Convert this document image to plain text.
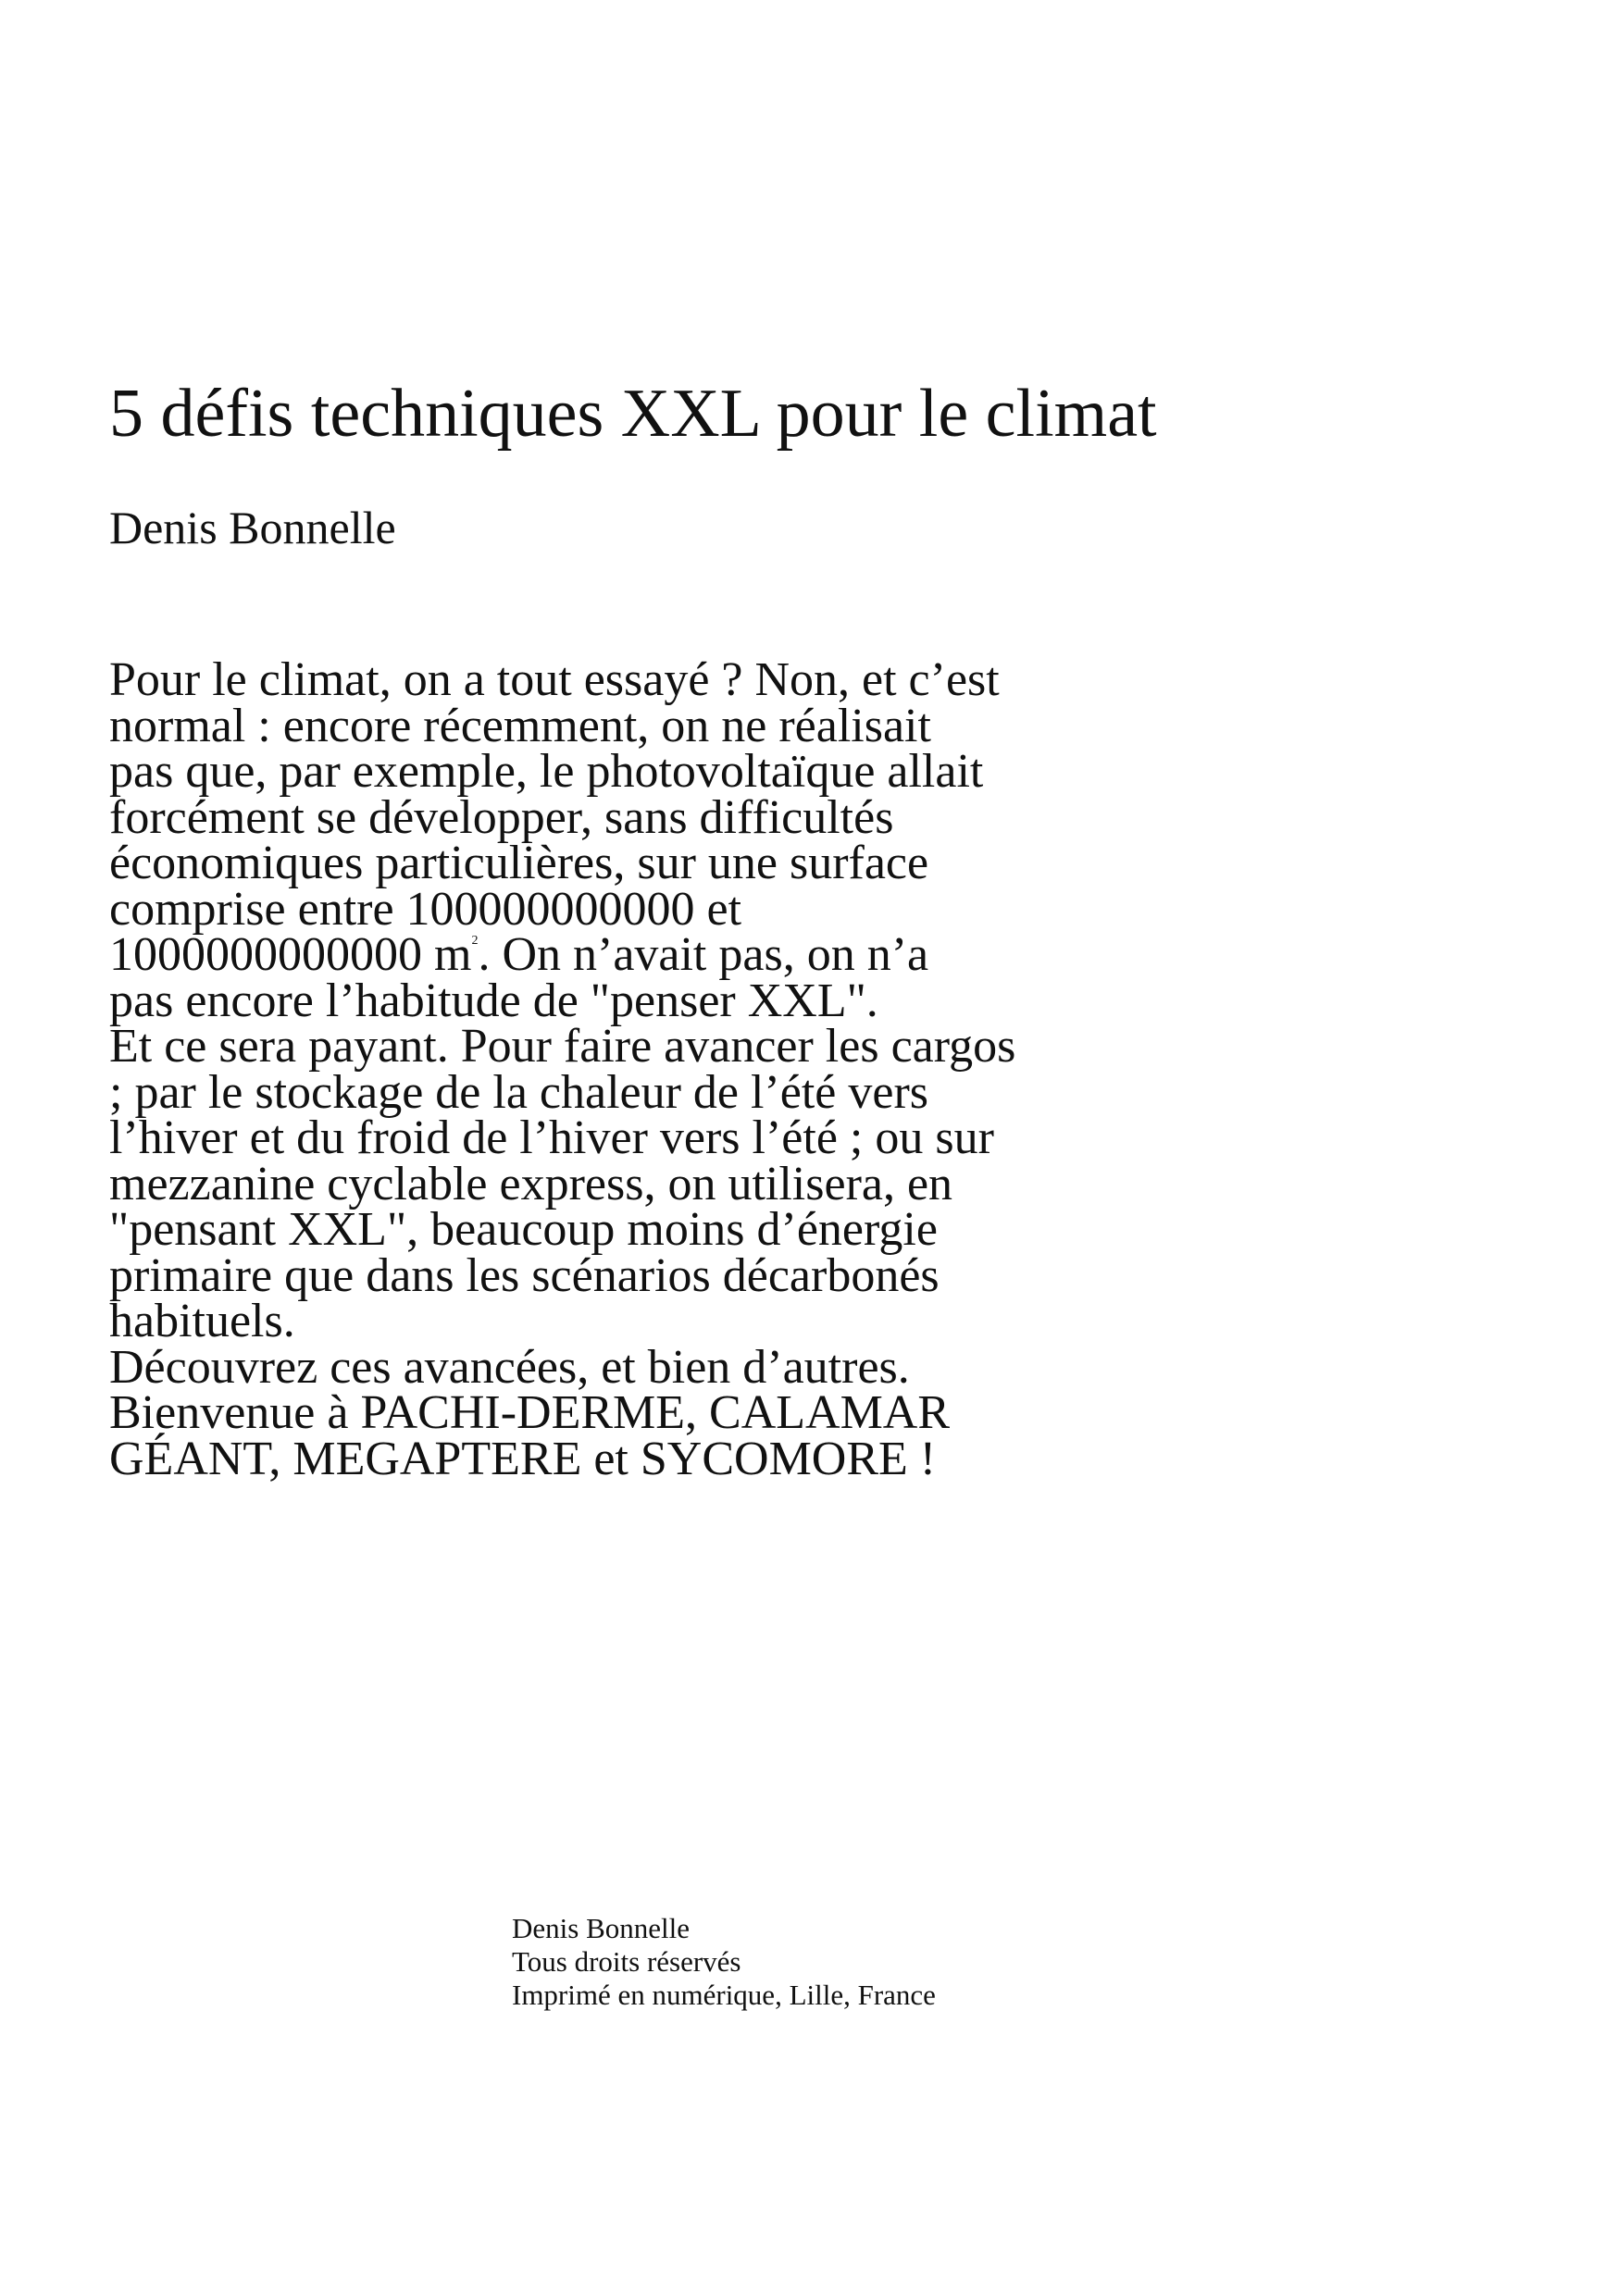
5 défis techniques XXL pour le climat

Denis Bonnelle

Pour le climat, on a tout essayé ? Non, et c’est
normal : encore récemment, on ne réalisait
pas que, par exemple, le photovoltaïque allait
forcément se développer, sans difficultés
économiques particulières, sur une surface
comprise entre 100000000000 et
1000000000000 $m^2$. On n’avait pas, on n’a
pas encore l’habitude de "penser XXL".
Et ce sera payant. Pour faire avancer les cargos
; par le stockage de la chaleur de l’été vers
l’hiver et du froid de l’hiver vers l’été ; ou sur
mezzanine cyclable express, on utilisera, en
"pensant XXL", beaucoup moins d’énergie
primaire que dans les scénarios décarbonés
habituels.
Découvrez ces avancées, et bien d’autres.
Bienvenue à PACHI-DERME, CALAMAR
GÉANT, MEGAPTERE et SYCOMORE !
Denis Bonnelle
Tous droits réservés
Imprimé en numérique, Lille, France
